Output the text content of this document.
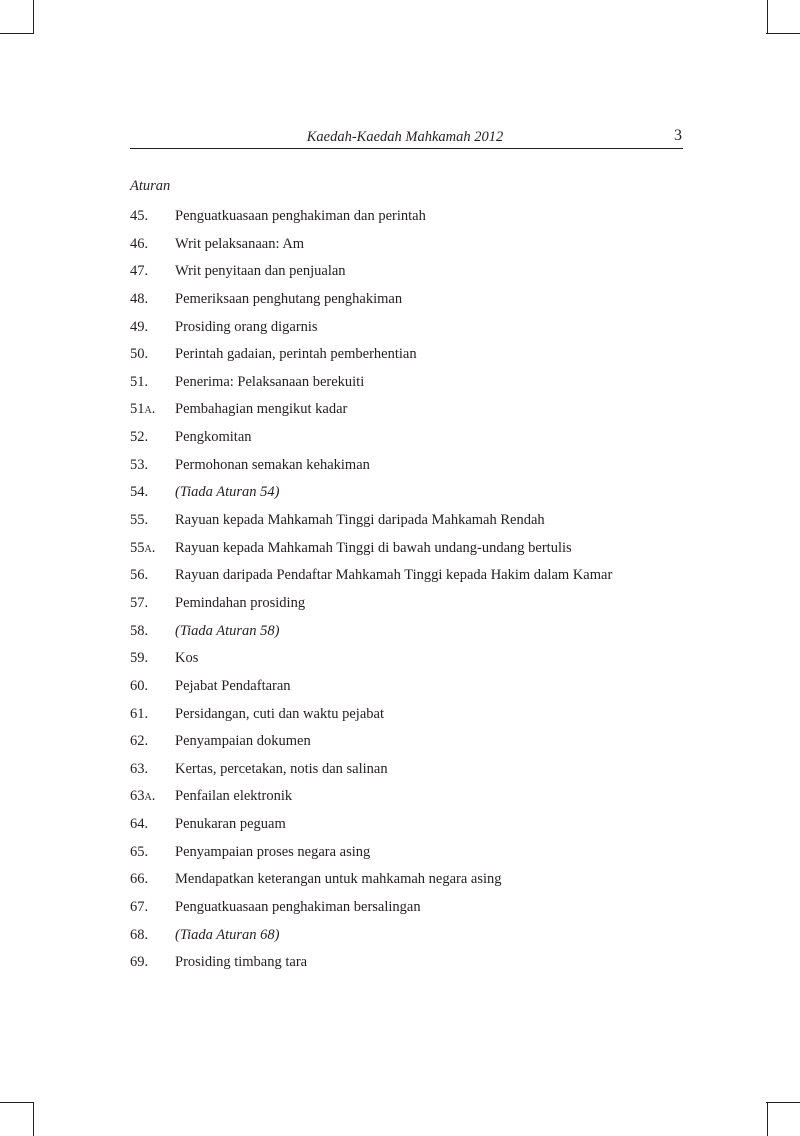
Kaedah-Kaedah Mahkamah 2012	3
Aturan
45.	Penguatkuasaan penghakiman dan perintah
46.	Writ pelaksanaan: Am
47.	Writ penyitaan dan penjualan
48.	Pemeriksaan penghutang penghakiman
49.	Prosiding orang digarnis
50.	Perintah gadaian, perintah pemberhentian
51.	Penerima: Pelaksanaan berekuiti
51a.	Pembahagian mengikut kadar
52.	Pengkomitan
53.	Permohonan semakan kehakiman
54.	(Tiada Aturan 54)
55.	Rayuan kepada Mahkamah Tinggi daripada Mahkamah Rendah
55a.	Rayuan kepada Mahkamah Tinggi di bawah undang-undang bertulis
56.	Rayuan daripada Pendaftar Mahkamah Tinggi kepada Hakim dalam Kamar
57.	Pemindahan prosiding
58.	(Tiada Aturan 58)
59.	Kos
60.	Pejabat Pendaftaran
61.	Persidangan, cuti dan waktu pejabat
62.	Penyampaian dokumen
63.	Kertas, percetakan, notis dan salinan
63a.	Penfailan elektronik
64.	Penukaran peguam
65.	Penyampaian proses negara asing
66.	Mendapatkan keterangan untuk mahkamah negara asing
67.	Penguatkuasaan penghakiman bersalingan
68.	(Tiada Aturan 68)
69.	Prosiding timbang tara
